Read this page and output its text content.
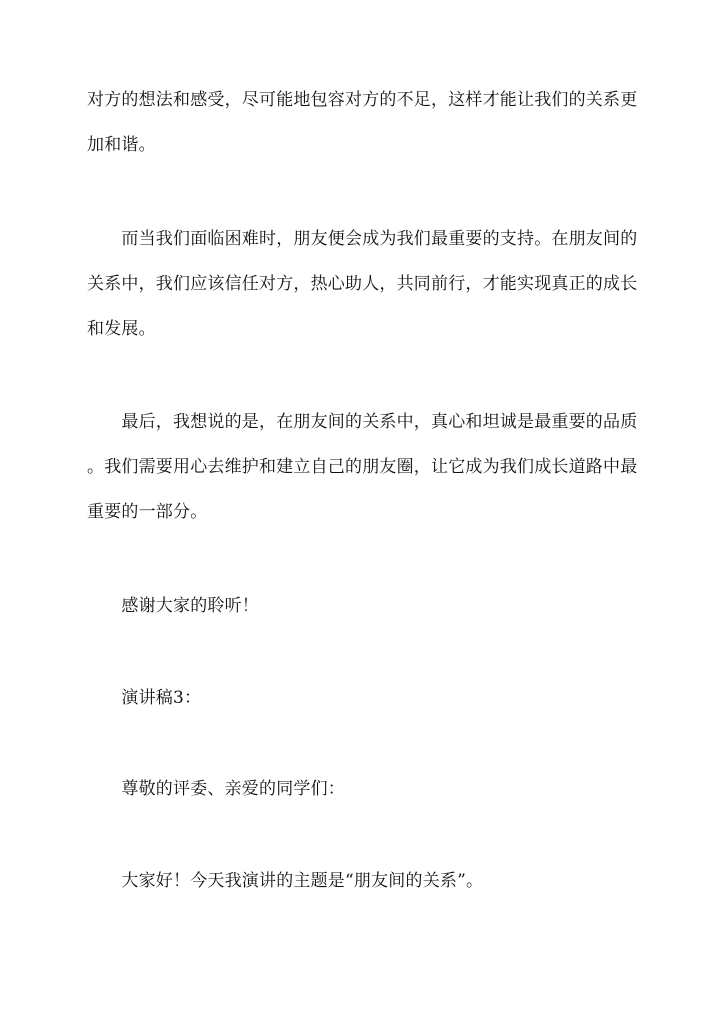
对方的想法和感受，尽可能地包容对方的不足，这样才能让我们的关系更
加和谐。

　　而当我们面临困难时，朋友便会成为我们最重要的支持。在朋友间的
关系中，我们应该信任对方，热心助人，共同前行，才能实现真正的成长
和发展。

　　最后，我想说的是，在朋友间的关系中，真心和坦诚是最重要的品质
。我们需要用心去维护和建立自己的朋友圈，让它成为我们成长道路中最
重要的一部分。

　　感谢大家的聆听！

　　演讲稿3：

　　尊敬的评委、亲爱的同学们：

　　大家好！今天我演讲的主题是“朋友间的关系”。
